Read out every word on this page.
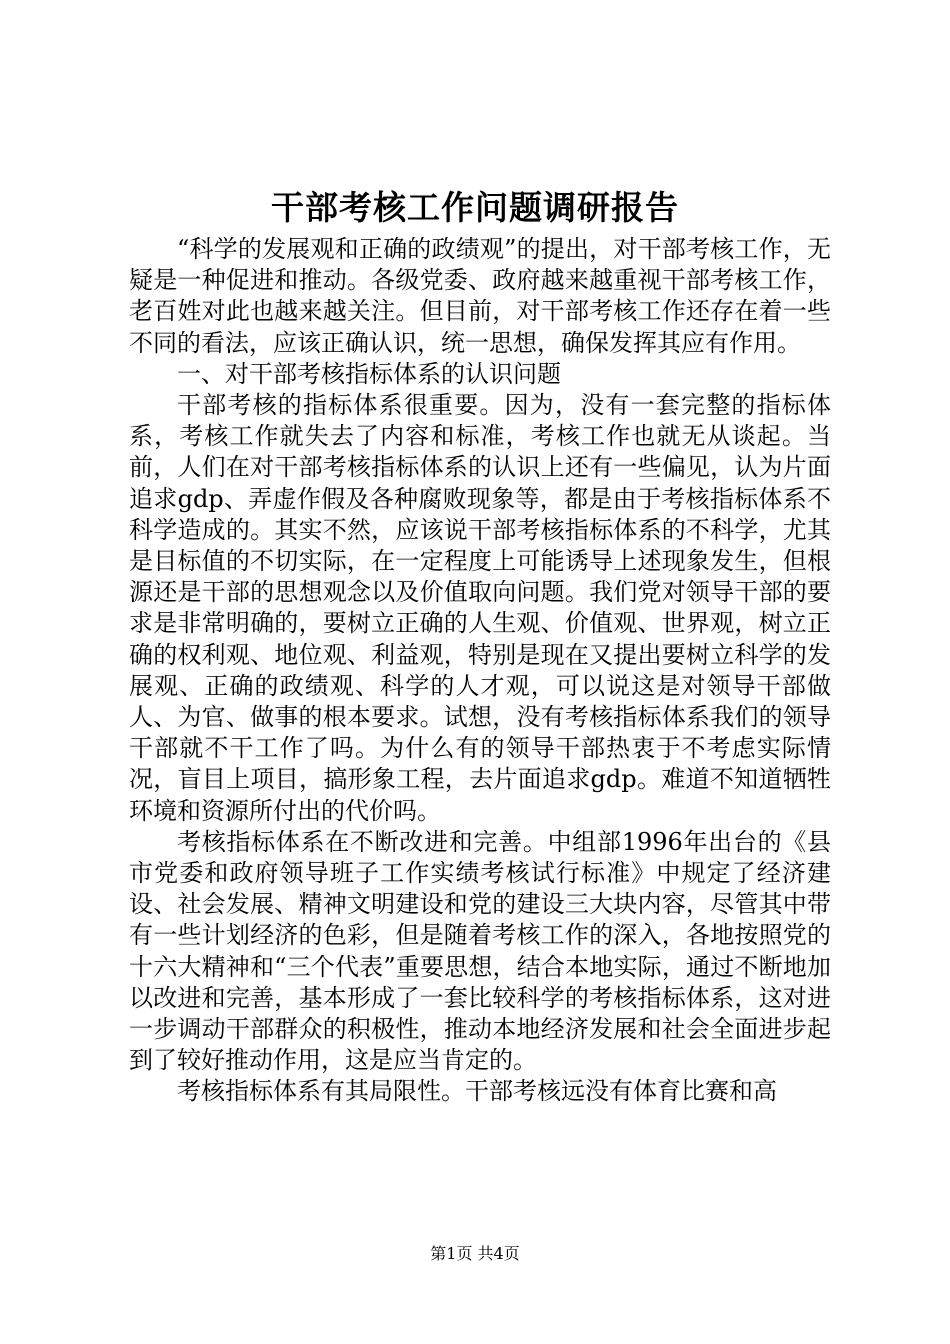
干部考核工作问题调研报告

“科学的发展观和正确的政绩观”的提出，对干部考核工作，无疑是一种促进和推动。各级党委、政府越来越重视干部考核工作，老百姓对此也越来越关注。但目前，对干部考核工作还存在着一些不同的看法，应该正确认识，统一思想，确保发挥其应有作用。

一、对干部考核指标体系的认识问题

干部考核的指标体系很重要。因为，没有一套完整的指标体系，考核工作就失去了内容和标准，考核工作也就无从谈起。当前，人们在对干部考核指标体系的认识上还有一些偏见，认为片面追求gdp、弄虚作假及各种腐败现象等，都是由于考核指标体系不科学造成的。其实不然，应该说干部考核指标体系的不科学，尤其是目标值的不切实际，在一定程度上可能诱导上述现象发生，但根源还是干部的思想观念以及价值取向问题。我们党对领导干部的要求是非常明确的，要树立正确的人生观、价值观、世界观，树立正确的权利观、地位观、利益观，特别是现在又提出要树立科学的发展观、正确的政绩观、科学的人才观，可以说这是对领导干部做人、为官、做事的根本要求。试想，没有考核指标体系我们的领导干部就不干工作了吗。为什么有的领导干部热衷于不考虑实际情况，盲目上项目，搞形象工程，去片面追求gdp。难道不知道牺牲环境和资源所付出的代价吗。

考核指标体系在不断改进和完善。中组部1996年出台的《县市党委和政府领导班子工作实绩考核试行标准》中规定了经济建设、社会发展、精神文明建设和党的建设三大块内容，尽管其中带有一些计划经济的色彩，但是随着考核工作的深入，各地按照党的十六大精神和“三个代表”重要思想，结合本地实际，通过不断地加以改进和完善，基本形成了一套比较科学的考核指标体系，这对进一步调动干部群众的积极性，推动本地经济发展和社会全面进步起到了较好推动作用，这是应当肯定的。

考核指标体系有其局限性。干部考核远没有体育比赛和高

第1页 共4页
